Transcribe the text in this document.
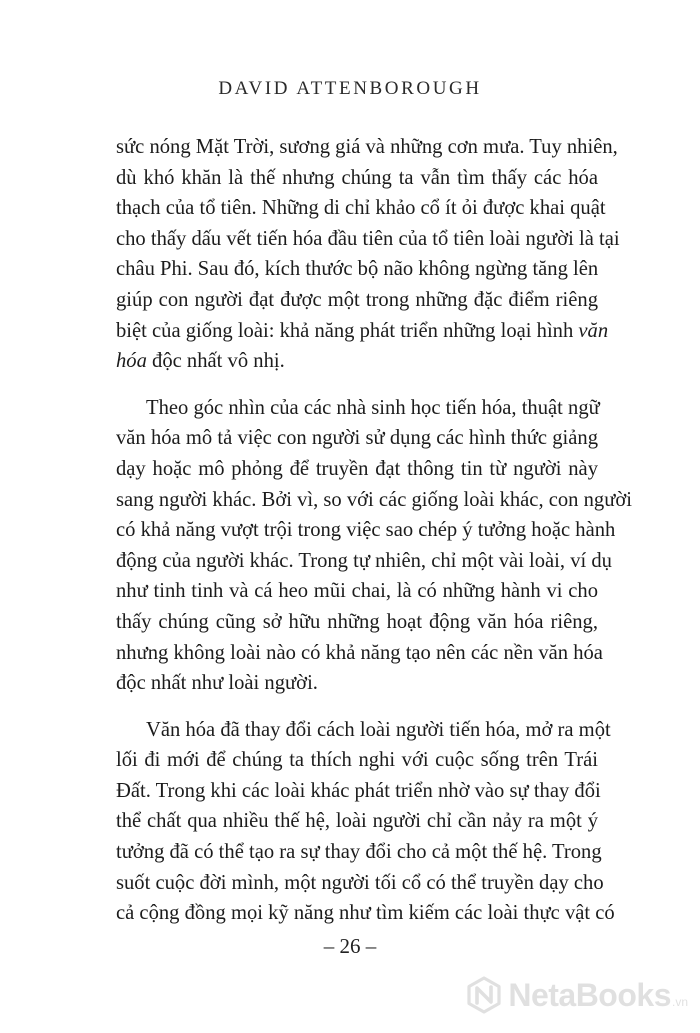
DAVID ATTENBOROUGH
sức nóng Mặt Trời, sương giá và những cơn mưa. Tuy nhiên,
dù khó khăn là thế nhưng chúng ta vẫn tìm thấy các hóa
thạch của tổ tiên. Những di chỉ khảo cổ ít ỏi được khai quật
cho thấy dấu vết tiến hóa đầu tiên của tổ tiên loài người là tại
châu Phi. Sau đó, kích thước bộ não không ngừng tăng lên
giúp con người đạt được một trong những đặc điểm riêng
biệt của giống loài: khả năng phát triển những loại hình văn
hóa độc nhất vô nhị.
Theo góc nhìn của các nhà sinh học tiến hóa, thuật ngữ
văn hóa mô tả việc con người sử dụng các hình thức giảng
dạy hoặc mô phỏng để truyền đạt thông tin từ người này
sang người khác. Bởi vì, so với các giống loài khác, con người
có khả năng vượt trội trong việc sao chép ý tưởng hoặc hành
động của người khác. Trong tự nhiên, chỉ một vài loài, ví dụ
như tinh tinh và cá heo mũi chai, là có những hành vi cho
thấy chúng cũng sở hữu những hoạt động văn hóa riêng,
nhưng không loài nào có khả năng tạo nên các nền văn hóa
độc nhất như loài người.
Văn hóa đã thay đổi cách loài người tiến hóa, mở ra một
lối đi mới để chúng ta thích nghi với cuộc sống trên Trái
Đất. Trong khi các loài khác phát triển nhờ vào sự thay đổi
thể chất qua nhiều thế hệ, loài người chỉ cần nảy ra một ý
tưởng đã có thể tạo ra sự thay đổi cho cả một thế hệ. Trong
suốt cuộc đời mình, một người tối cổ có thể truyền dạy cho
cả cộng đồng mọi kỹ năng như tìm kiếm các loài thực vật có
– 26 –
NetaBooks .vn
